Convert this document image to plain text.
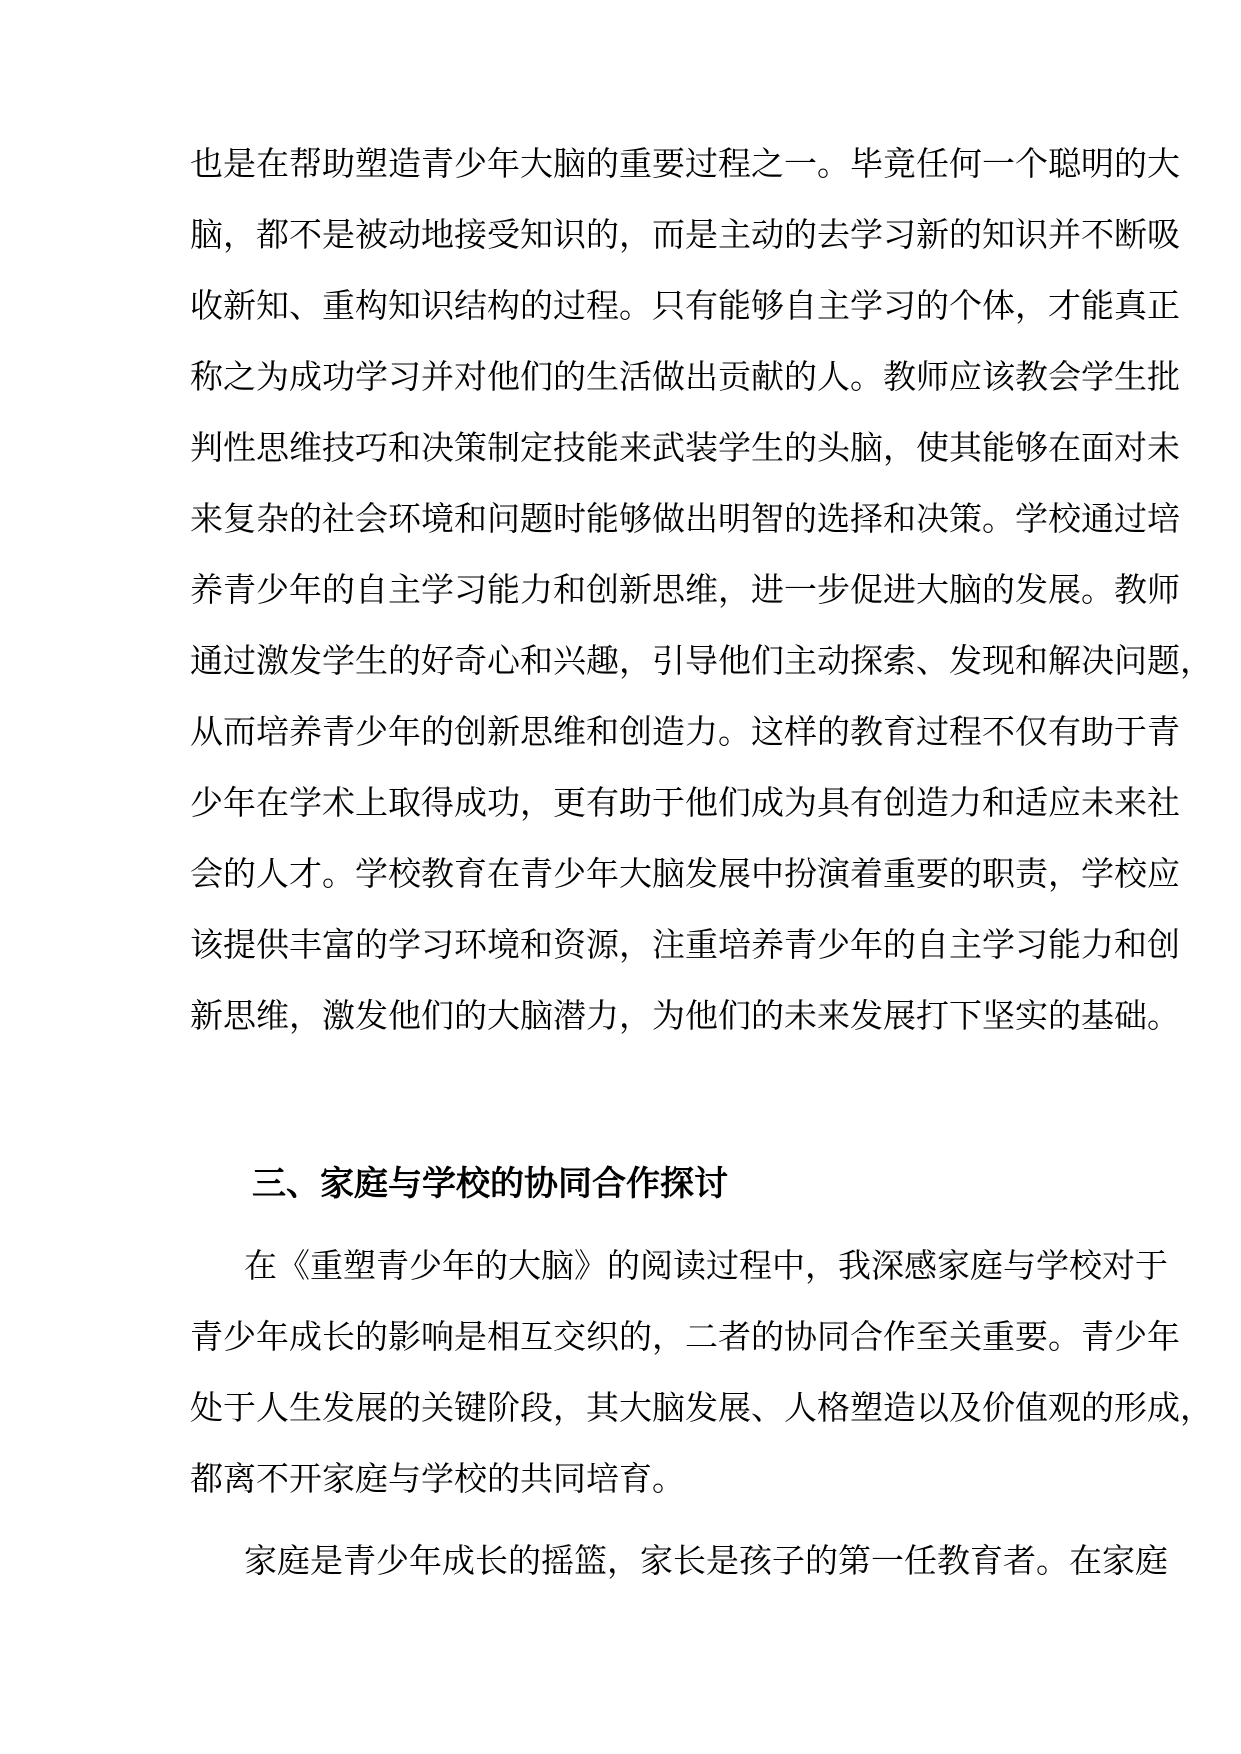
也是在帮助塑造青少年大脑的重要过程之一。毕竟任何一个聪明的大
脑，都不是被动地接受知识的，而是主动的去学习新的知识并不断吸
收新知、重构知识结构的过程。只有能够自主学习的个体，才能真正
称之为成功学习并对他们的生活做出贡献的人。教师应该教会学生批
判性思维技巧和决策制定技能来武装学生的头脑，使其能够在面对未
来复杂的社会环境和问题时能够做出明智的选择和决策。学校通过培
养青少年的自主学习能力和创新思维，进一步促进大脑的发展。教师
通过激发学生的好奇心和兴趣，引导他们主动探索、发现和解决问题，
从而培养青少年的创新思维和创造力。这样的教育过程不仅有助于青
少年在学术上取得成功，更有助于他们成为具有创造力和适应未来社
会的人才。学校教育在青少年大脑发展中扮演着重要的职责，学校应
该提供丰富的学习环境和资源，注重培养青少年的自主学习能力和创
新思维，激发他们的大脑潜力，为他们的未来发展打下坚实的基础。
三、家庭与学校的协同合作探讨
在《重塑青少年的大脑》的阅读过程中，我深感家庭与学校对于
青少年成长的影响是相互交织的，二者的协同合作至关重要。青少年
处于人生发展的关键阶段，其大脑发展、人格塑造以及价值观的形成，
都离不开家庭与学校的共同培育。
家庭是青少年成长的摇篮，家长是孩子的第一任教育者。在家庭
